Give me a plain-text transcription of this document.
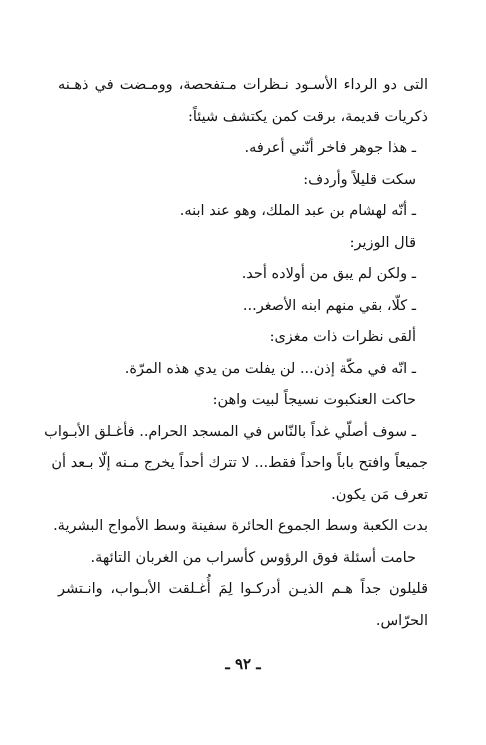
التى دو الرداء الأسـود نـظرات مـتفحصة، وومـضت في ذهـنه
ذكريات قديمة، برقت كمن يكتشف شيئاً:
ـ هذا جوهر فاخر أنّني أعرفه.
سكت قليلاً وأردف:
ـ أنّه لهشام بن عبد الملك، وهو عند ابنه.
قال الوزير:
ـ ولكن لم يبق من أولاده أحد.
ـ كلّا، بقي منهم ابنه الأصغر...
ألقى نظرات ذات مغزى:
ـ انّه في مكّة إذن... لن يفلت من يدي هذه المرّة.
حاكت العنكبوت نسيجاً لبيت واهن:
ـ سوف أصلّي غداً بالنّاس في المسجد الحرام.. فأغـلق الأبـواب
جميعاً وافتح باباً واحداً فقط... لا تترك أحداً يخرج مـنه إلّا بـعد أن
تعرف مَن يكون.
بدت الكعبة وسط الجموع الحائرة سفينة وسط الأمواج البشرية.
حامت أسئلة فوق الرؤوس كأسراب من الغربان التائهة.
قليلون جداً هـم الذيـن أدركـوا لِمَ أُغـلقت الأبـواب، وانـتشر
الحرّاس.
ـ ٩٢ ـ
